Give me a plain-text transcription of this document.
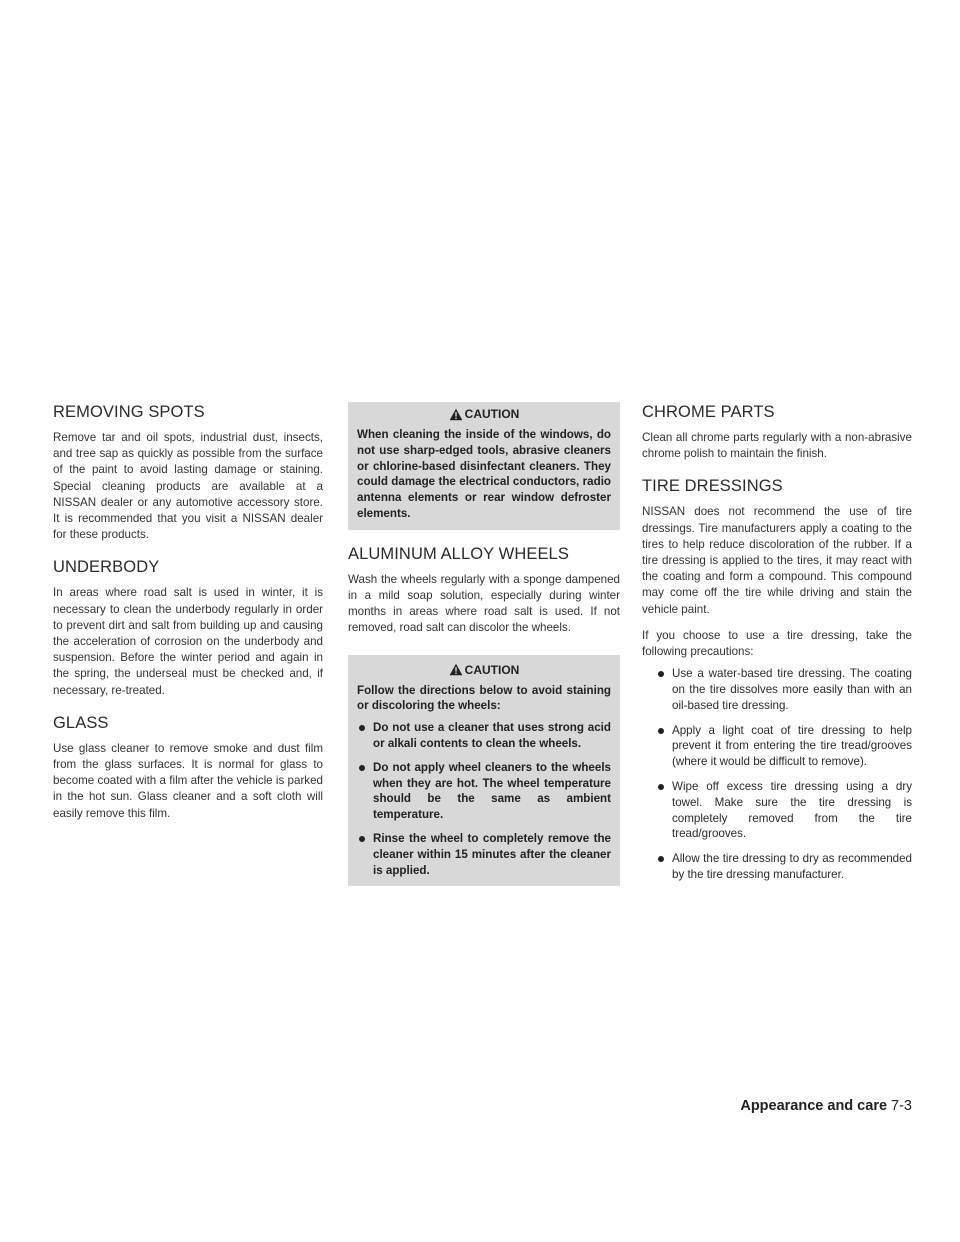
REMOVING SPOTS

Remove tar and oil spots, industrial dust, insects, and tree sap as quickly as possible from the surface of the paint to avoid lasting damage or staining. Special cleaning products are available at a NISSAN dealer or any automotive accessory store. It is recommended that you visit a NISSAN dealer for these products.

UNDERBODY

In areas where road salt is used in winter, it is necessary to clean the underbody regularly in order to prevent dirt and salt from building up and causing the acceleration of corrosion on the underbody and suspension. Before the winter period and again in the spring, the underseal must be checked and, if necessary, re-treated.

GLASS

Use glass cleaner to remove smoke and dust film from the glass surfaces. It is normal for glass to become coated with a film after the vehicle is parked in the hot sun. Glass cleaner and a soft cloth will easily remove this film.

CAUTION

When cleaning the inside of the windows, do not use sharp-edged tools, abrasive cleaners or chlorine-based disinfectant cleaners. They could damage the electrical conductors, radio antenna elements or rear window defroster elements.

ALUMINUM ALLOY WHEELS

Wash the wheels regularly with a sponge dampened in a mild soap solution, especially during winter months in areas where road salt is used. If not removed, road salt can discolor the wheels.

CAUTION

Follow the directions below to avoid staining or discoloring the wheels:

Do not use a cleaner that uses strong acid or alkali contents to clean the wheels.
Do not apply wheel cleaners to the wheels when they are hot. The wheel temperature should be the same as ambient temperature.
Rinse the wheel to completely remove the cleaner within 15 minutes after the cleaner is applied.
CHROME PARTS

Clean all chrome parts regularly with a non-abrasive chrome polish to maintain the finish.

TIRE DRESSINGS

NISSAN does not recommend the use of tire dressings. Tire manufacturers apply a coating to the tires to help reduce discoloration of the rubber. If a tire dressing is applied to the tires, it may react with the coating and form a compound. This compound may come off the tire while driving and stain the vehicle paint.

If you choose to use a tire dressing, take the following precautions:

Use a water-based tire dressing. The coating on the tire dissolves more easily than with an oil-based tire dressing.
Apply a light coat of tire dressing to help prevent it from entering the tire tread/grooves (where it would be difficult to remove).
Wipe off excess tire dressing using a dry towel. Make sure the tire dressing is completely removed from the tire tread/grooves.
Allow the tire dressing to dry as recommended by the tire dressing manufacturer.
Appearance and care 7-3
